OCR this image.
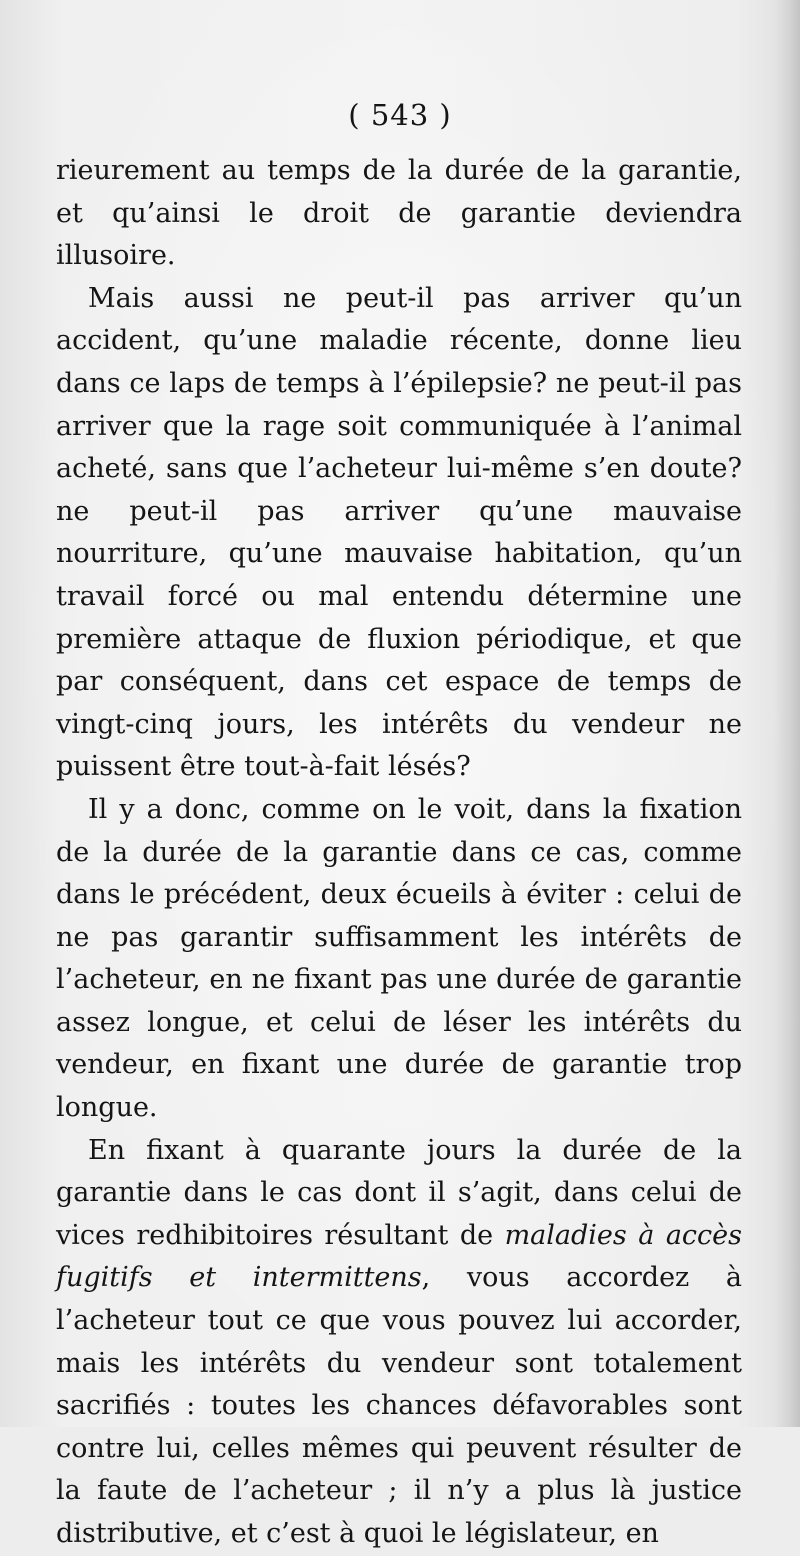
( 543 )

rieurement au temps de la durée de la garantie, et qu’ainsi le droit de garantie deviendra illusoire.

Mais aussi ne peut-il pas arriver qu’un accident, qu’une maladie récente, donne lieu dans ce laps de temps à l’épilepsie? ne peut-il pas arriver que la rage soit communiquée à l’animal acheté, sans que l’acheteur lui-même s’en doute? ne peut-il pas arriver qu’une mauvaise nourriture, qu’une mauvaise habitation, qu’un travail forcé ou mal entendu détermine une première attaque de fluxion périodique, et que par conséquent, dans cet espace de temps de vingt-cinq jours, les intérêts du vendeur ne puissent être tout-à-fait lésés?

Il y a donc, comme on le voit, dans la fixation de la durée de la garantie dans ce cas, comme dans le précédent, deux écueils à éviter : celui de ne pas garantir suffisamment les intérêts de l’acheteur, en ne fixant pas une durée de garantie assez longue, et celui de léser les intérêts du vendeur, en fixant une durée de garantie trop longue.

En fixant à quarante jours la durée de la garantie dans le cas dont il s’agit, dans celui de vices redhibitoires résultant de maladies à accès fugitifs et intermittens, vous accordez à l’acheteur tout ce que vous pouvez lui accorder, mais les intérêts du vendeur sont totalement sacrifiés : toutes les chances défavorables sont contre lui, celles mêmes qui peuvent résulter de la faute de l’acheteur ; il n’y a plus là justice distributive, et c’est à quoi le législateur, en
